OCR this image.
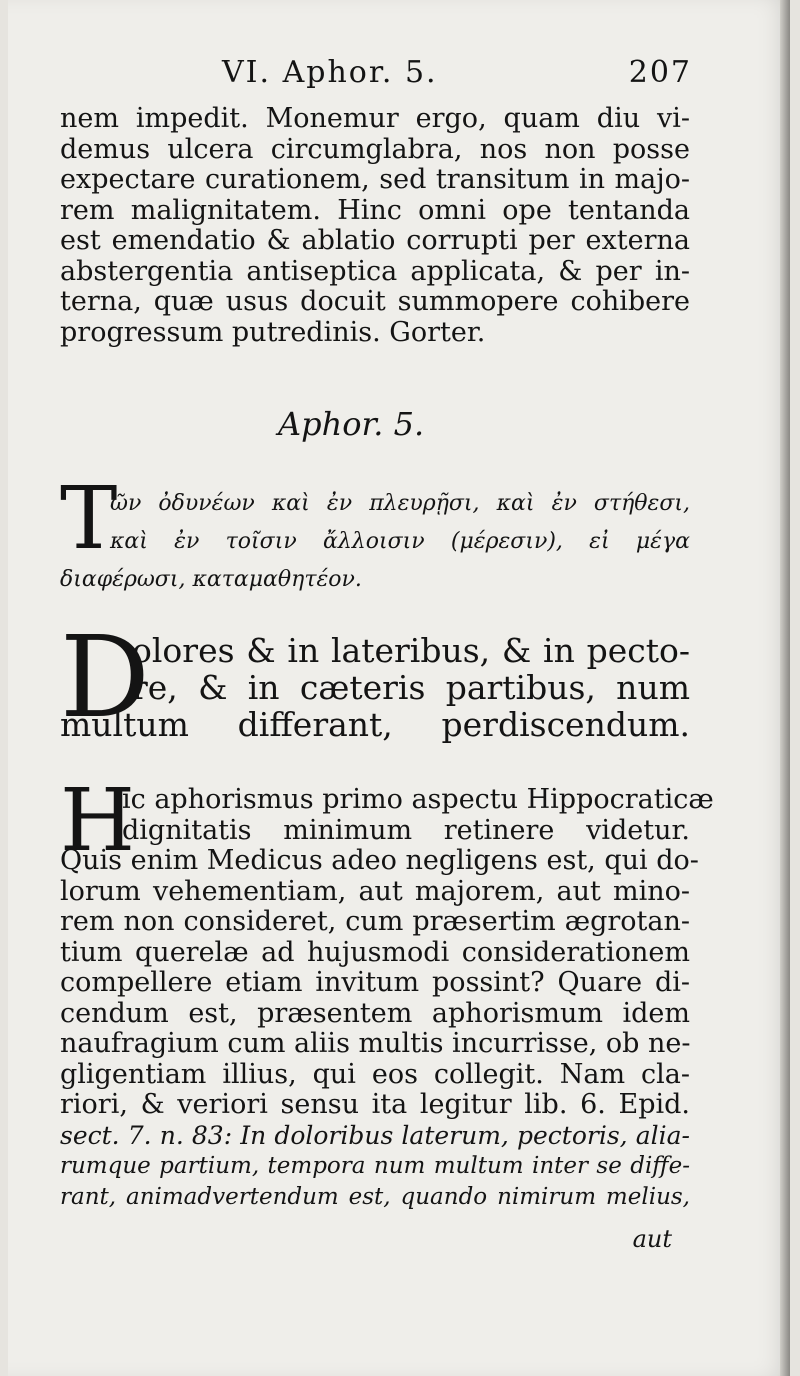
VI. Aphor. 5.	207
nem impedit. Monemur ergo, quam diu vi-
demus ulcera circumglabra, nos non posse
expectare curationem, sed transitum in majo-
rem malignitatem. Hinc omni ope tentanda
est emendatio & ablatio corrupti per externa
abstergentia antiseptica applicata, & per in-
terna, quæ usus docuit summopere cohibere
progressum putredinis. Gorter.
Aphor. 5.
T
ῶν ὀδυνέων καὶ ἐν πλευρῇσι, καὶ ἐν στήθεσι,
καὶ ἐν τοῖσιν ἄλλοισιν (μέρεσιν), εἰ μέγα
διαφέρωσι, καταμαθητέον.
D
olores & in lateribus, & in pecto-
re, & in cæteris partibus, num
multum differant, perdiscendum.
H
ic aphorismus primo aspectu Hippocraticæ
dignitatis minimum retinere videtur.
Quis enim Medicus adeo negligens est, qui do-
lorum vehementiam, aut majorem, aut mino-
rem non consideret, cum præsertim ægrotan-
tium querelæ ad hujusmodi considerationem
compellere etiam invitum possint? Quare di-
cendum est, præsentem aphorismum idem
naufragium cum aliis multis incurrisse, ob ne-
gligentiam illius, qui eos collegit. Nam cla-
riori, & veriori sensu ita legitur lib. 6. Epid.
sect. 7. n. 83: In doloribus laterum, pectoris, alia-
rumque partium, tempora num multum inter se diffe-
rant, animadvertendum est, quando nimirum melius,
aut
